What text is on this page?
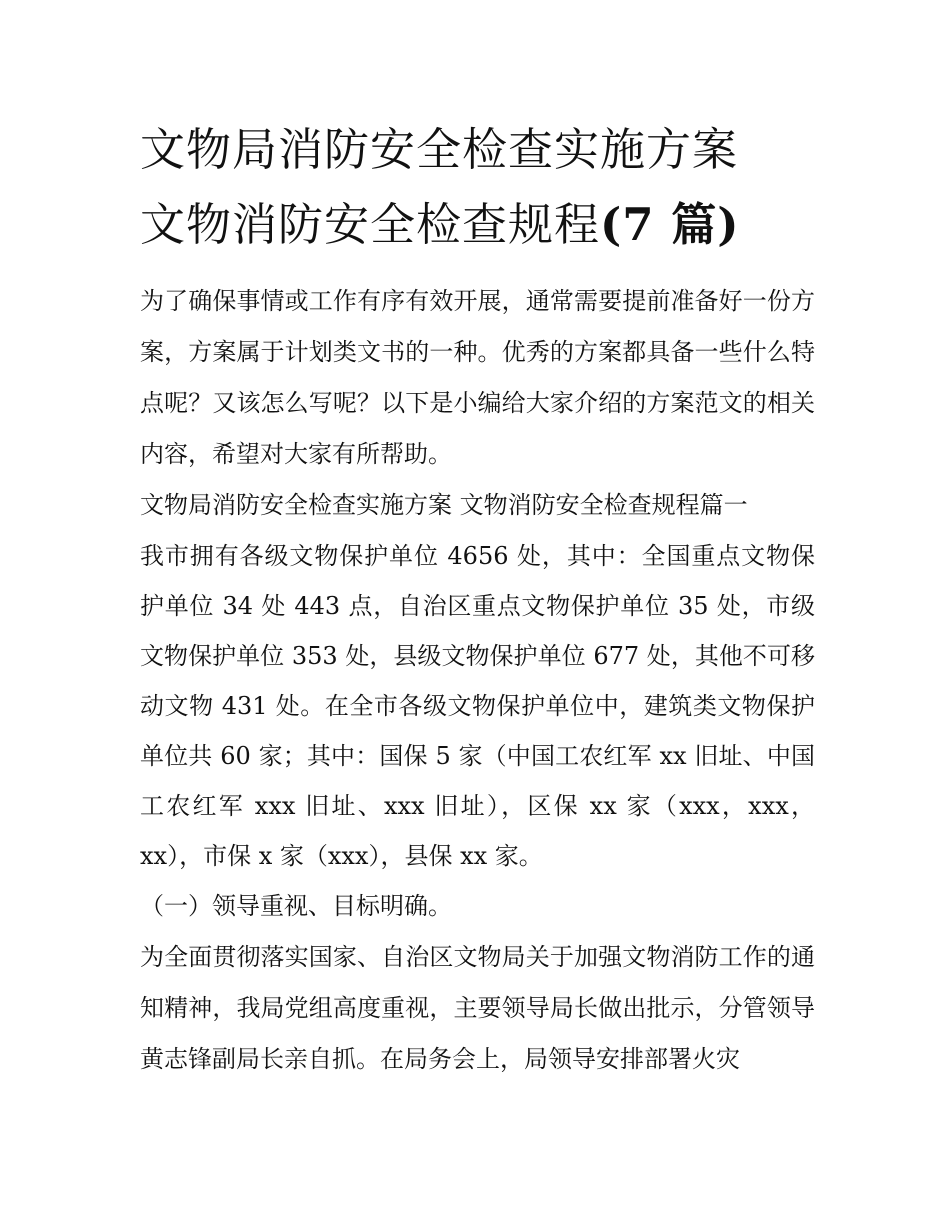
文物局消防安全检查实施方案
文物消防安全检查规程(7 篇)

为了确保事情或工作有序有效开展，通常需要提前准备好一份方案，方案属于计划类文书的一种。优秀的方案都具备一些什么特点呢？又该怎么写呢？以下是小编给大家介绍的方案范文的相关内容，希望对大家有所帮助。

文物局消防安全检查实施方案 文物消防安全检查规程篇一

我市拥有各级文物保护单位 4656 处，其中：全国重点文物保护单位 34 处 443 点，自治区重点文物保护单位 35 处，市级文物保护单位 353 处，县级文物保护单位 677 处，其他不可移动文物 431 处。在全市各级文物保护单位中，建筑类文物保护单位共 60 家；其中：国保 5 家（中国工农红军 xx 旧址、中国工农红军 xxx 旧址、xxx 旧址），区保 xx 家（xxx，xxx，xx），市保 x 家（xxx），县保 xx 家。

（一）领导重视、目标明确。

为全面贯彻落实国家、自治区文物局关于加强文物消防工作的通知精神，我局党组高度重视，主要领导局长做出批示，分管领导黄志锋副局长亲自抓。在局务会上，局领导安排部署火灾
